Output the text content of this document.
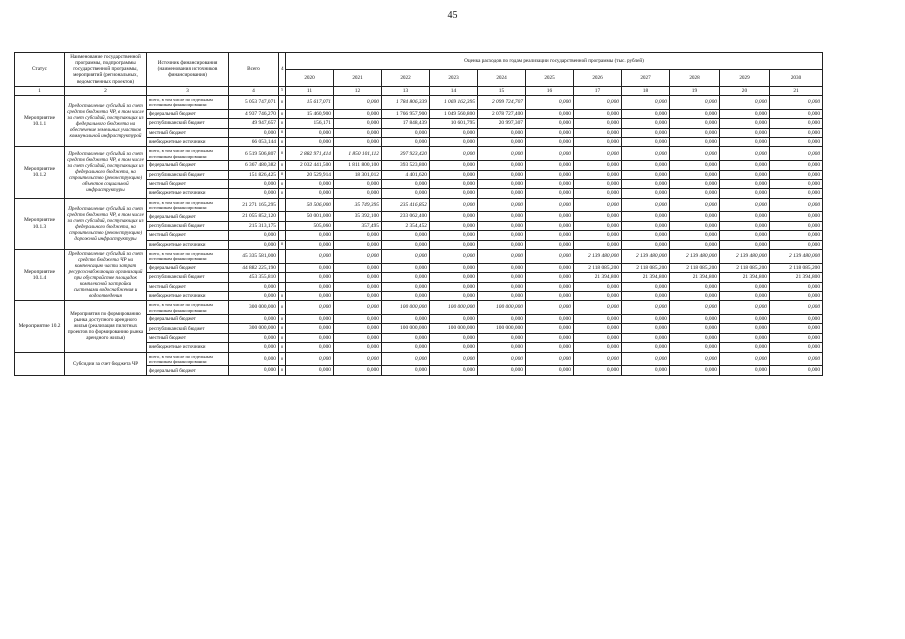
45
Статус	Наименование государственной программы, подпрограммы государственной программы, мероприятий (региональных, ведомственных проектов)	Источник финансирования (наименования источников финансирования)	Всего	4	Оценка расходов по годам реализации государственной программы (тыс. рублей)										
					2020	2021	2022	2023	2024	2025	2026	2027	2028	2029	2030
1	2	3	4	5	11	12	13	14	15	16	17	18	19	20	21
Мероприятие 10.1.1	Предоставление субсидий за счет средств бюджета ЧР, в том числе за счет субсидий, поступающих из федерального бюджета на обеспечение земельных участков коммунальной инфраструктурой	всего, в том числе по отдельным источникам финансирования:	5 053 747,071	#	15 617,071	0,000	1 784 806,339	1 069 162,395	2 099 724,707	0,000	0,000	0,000	0,000	0,000	0,000
		федеральный бюджет	4 937 746,270	#	15 460,900	0,000	1 766 957,900	1 049 560,800	2 078 727,400	0,000	0,000	0,000	0,000	0,000	0,000
		республиканский бюджет	49 947,657	#	156,171	0,000	17 848,439	10 601,795	20 997,307	0,000	0,000	0,000	0,000	0,000	0,000
		местный бюджет	0,000	#	0,000	0,000	0,000	0,000	0,000	0,000	0,000	0,000	0,000	0,000	0,000
		внебюджетные источники	66 053,144	#	0,000	0,000	0,000	0,000	0,000	0,000	0,000	0,000	0,000	0,000	0,000
Мероприятие 10.1.2	Предоставление субсидий за счет средств бюджета ЧР, в том числе за счет субсидий, поступающих из федерального бюджета, на строительство (реконструкцию) объектов социальной инфраструктуры	всего, в том числе по отдельным источникам финансирования:	6 519 506,807	#	2 882 971,414	1 850 101,112	397 923,420	0,000	0,000	0,000	0,000	0,000	0,000	0,000	0,000
		федеральный бюджет	6 367 480,382	#	2 032 441,500	1 811 800,100	393 523,800	0,000	0,000	0,000	0,000	0,000	0,000	0,000	0,000
		республиканский бюджет	151 826,425	#	20 529,914	18 301,012	4 401,620	0,000	0,000	0,000	0,000	0,000	0,000	0,000	0,000
		местный бюджет	0,000	#	0,000	0,000	0,000	0,000	0,000	0,000	0,000	0,000	0,000	0,000	0,000
		внебюджетные источники	0,000	#	0,000	0,000	0,000	0,000	0,000	0,000	0,000	0,000	0,000	0,000	0,000
Мероприятие 10.1.3	Предоставление субсидий за счет средств бюджета ЧР, в том числе за счет субсидий, поступающих из федерального бюджета, на строительство (реконструкцию) дорожной инфраструктуры	всего, в том числе по отдельным источникам финансирования:	21 271 165,295		50 506,000	35 749,395	235 416,852	0,000	0,000	0,000	0,000	0,000	0,000	0,000	0,000
		федеральный бюджет	21 055 852,120		50 001,000	35 392,100	233 062,400	0,000	0,000	0,000	0,000	0,000	0,000	0,000	0,000
		республиканский бюджет	215 313,175		505,060	357,495	2 354,452	0,000	0,000	0,000	0,000	0,000	0,000	0,000	0,000
		местный бюджет	0,000		0,000	0,000	0,000	0,000	0,000	0,000	0,000	0,000	0,000	0,000	0,000
		внебюджетные источники	0,000	#	0,000	0,000	0,000	0,000	0,000	0,000	0,000	0,000	0,000	0,000	0,000
Мероприятие 10.1.4	Предоставление субсидий за счет средств бюджета ЧР на компенсацию части затрат ресурсоснабжающих организаций при обустройстве площадок комплексной застройки системами водоснабжения и водоотведения	всего, в том числе по отдельным источникам финансирования:	45 335 581,000		0,000	0,000	0,000	0,000	0,000	0,000	2 139 480,000	2 139 480,000	2 139 480,000	2 139 480,000	2 139 480,000
		федеральный бюджет	44 882 225,190		0,000	0,000	0,000	0,000	0,000	0,000	2 118 085,200	2 118 085,200	2 118 085,200	2 118 085,200	2 118 085,200
		республиканский бюджет	453 355,810		0,000	0,000	0,000	0,000	0,000	0,000	21 394,800	21 394,800	21 394,800	21 394,800	21 394,800
		местный бюджет	0,000		0,000	0,000	0,000	0,000	0,000	0,000	0,000	0,000	0,000	0,000	0,000
		внебюджетные источники	0,000	#	0,000	0,000	0,000	0,000	0,000	0,000	0,000	0,000	0,000	0,000	0,000
Мероприятие 10.2	Мероприятия по формированию рынка доступного арендного жилья (реализация пилотных проектов по формированию рынка арендного жилья)	всего, в том числе по отдельным источникам финансирования:	300 000,000	#	0,000	0,000	100 000,000	100 000,000	100 000,000	0,000	0,000	0,000	0,000	0,000	0,000
		федеральный бюджет	0,000	#	0,000	0,000	0,000	0,000	0,000	0,000	0,000	0,000	0,000	0,000	0,000
		республиканский бюджет	300 000,000	#	0,000	0,000	100 000,000	100 000,000	100 000,000	0,000	0,000	0,000	0,000	0,000	0,000
		местный бюджет	0,000	#	0,000	0,000	0,000	0,000	0,000	0,000	0,000	0,000	0,000	0,000	0,000
		внебюджетные источники	0,000	#	0,000	0,000	0,000	0,000	0,000	0,000	0,000	0,000	0,000	0,000	0,000
	Субсидии за счет бюджета ЧР	всего, в том числе по отдельным источникам финансирования:	0,000	#	0,000	0,000	0,000	0,000	0,000	0,000	0,000	0,000	0,000	0,000	0,000
		федеральный бюджет	0,000	#	0,000	0,000	0,000	0,000	0,000	0,000	0,000	0,000	0,000	0,000	0,000
